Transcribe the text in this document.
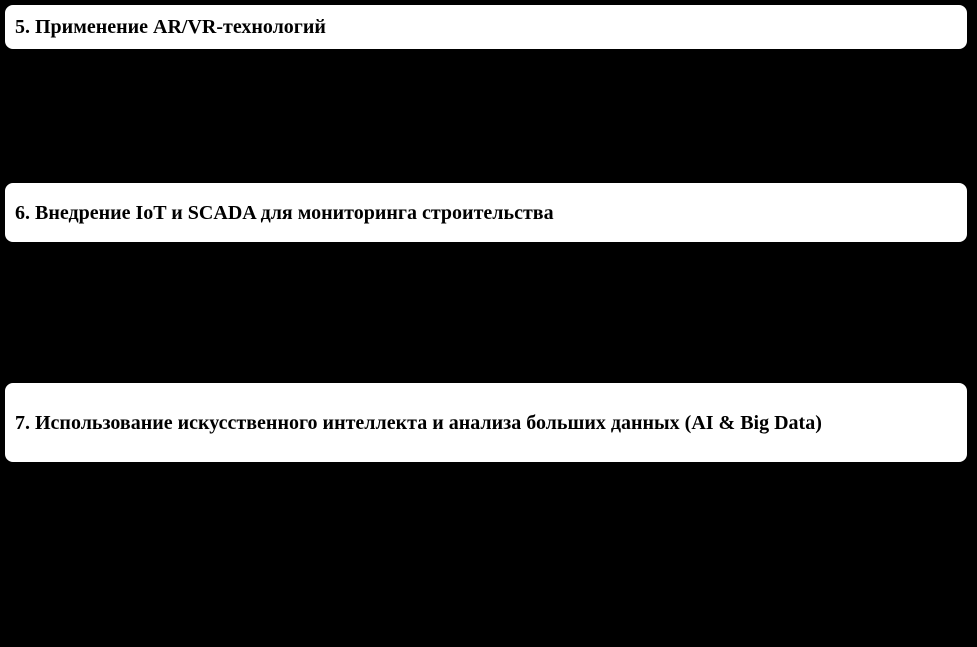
5. Применение AR/VR-технологий
6. Внедрение IoT и SCADA для мониторинга строительства
7. Использование искусственного интеллекта и анализа больших данных (AI & Big Data)
